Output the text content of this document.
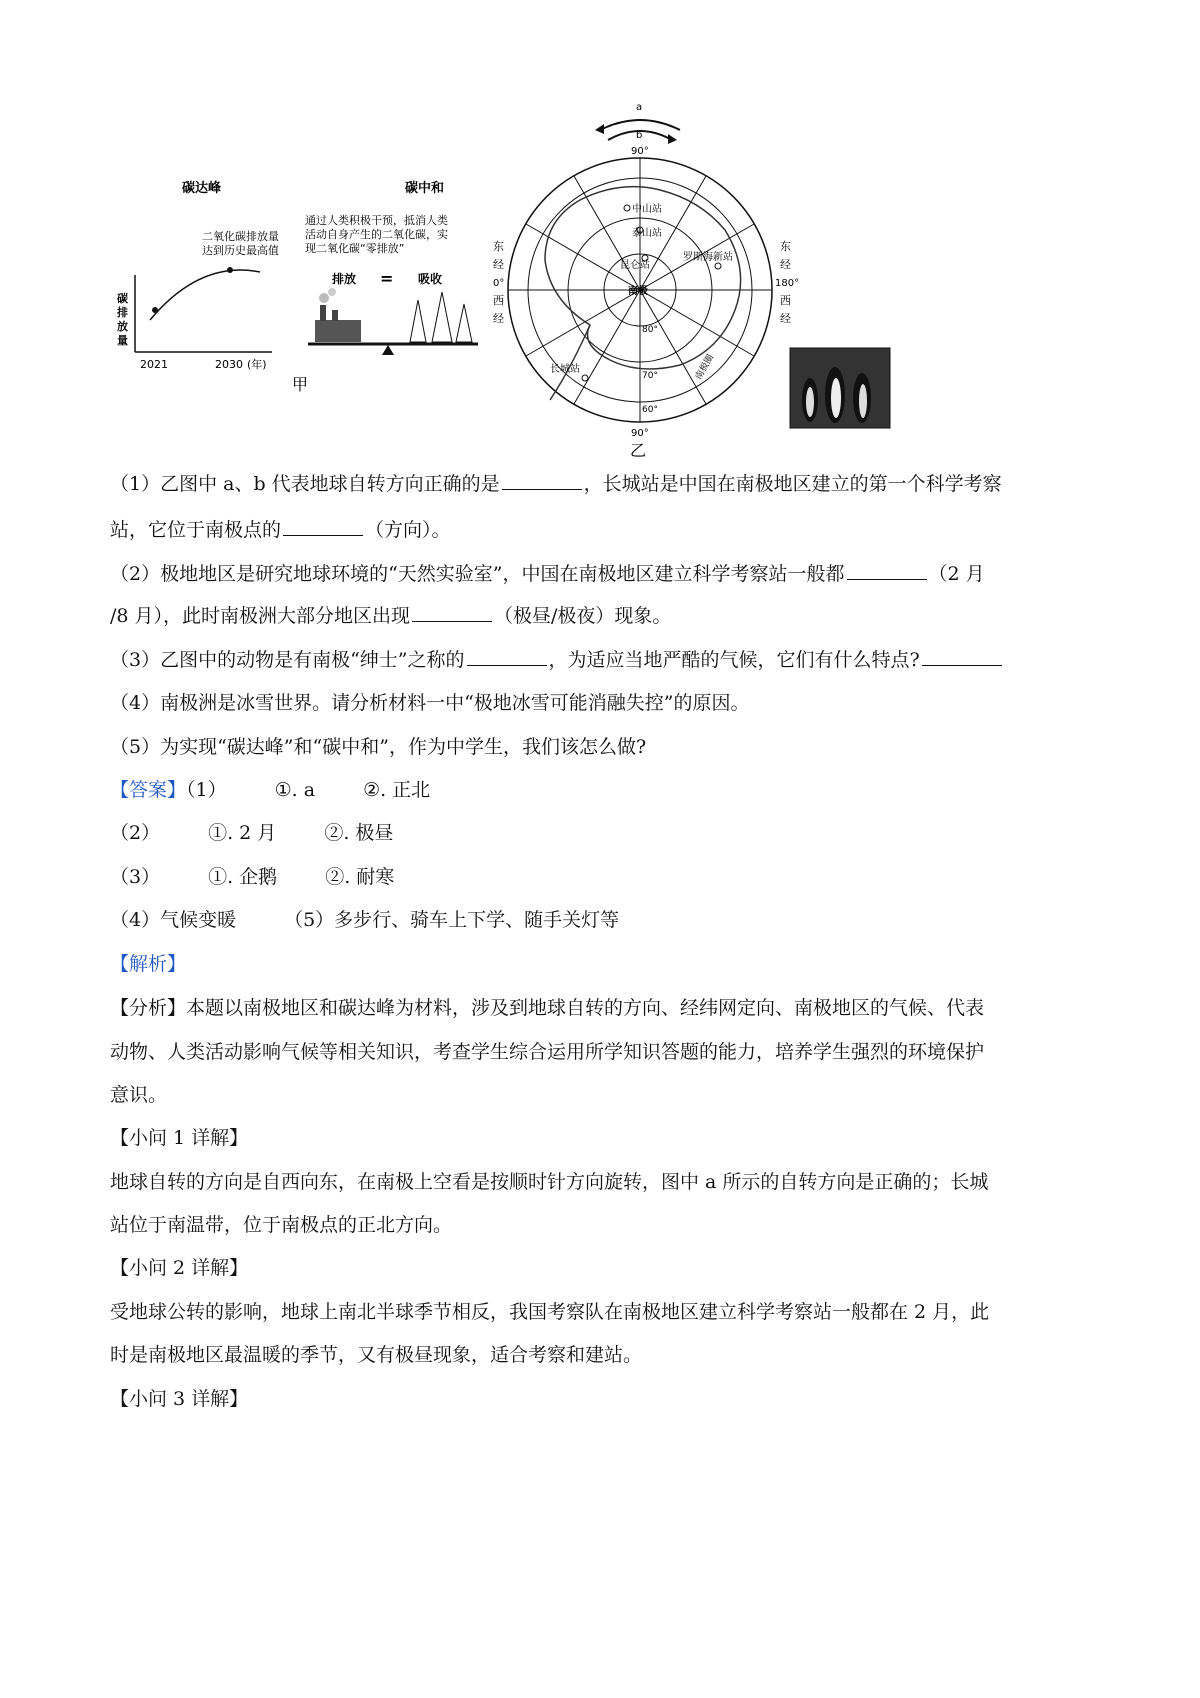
碳达峰	碳中和
二氧化碳排放量
达到历史最高值
碳
排
放
量
2021	2030 (年)
通过人类积极干预，抵消人类
活动自身产生的二氧化碳，实
现二氧化碳“零排放”
排放 = 吸收
甲
a
b
90°
中山站
泰山站
昆仑站
罗斯海新站
长城站
南极
80°
70°
60°
南极圈
东
经
0°
西
经
东
经
180°
西
经
90°
乙
（1）乙图中 a、b 代表地球自转方向正确的是	，长城站是中国在南极地区建立的第一个科学考察
站，它位于南极点的	（方向）。
（2）极地地区是研究地球环境的“天然实验室”，中国在南极地区建立科学考察站一般都	（2 月
/8 月），此时南极洲大部分地区出现	（极昼/极夜）现象。
（3）乙图中的动物是有南极“绅士”之称的	，为适应当地严酷的气候，它们有什么特点?
（4）南极洲是冰雪世界。请分析材料一中“极地冰雪可能消融失控”的原因。
（5）为实现“碳达峰”和“碳中和”，作为中学生，我们该怎么做?
【答案】（1）	①. a	②. 正北
（2）	①. 2 月	②. 极昼
（3）	①. 企鹅	②. 耐寒
（4）气候变暖	（5）多步行、骑车上下学、随手关灯等
【解析】
【分析】本题以南极地区和碳达峰为材料，涉及到地球自转的方向、经纬网定向、南极地区的气候、代表
动物、人类活动影响气候等相关知识，考查学生综合运用所学知识答题的能力，培养学生强烈的环境保护
意识。
【小问 1 详解】
地球自转的方向是自西向东，在南极上空看是按顺时针方向旋转，图中 a 所示的自转方向是正确的；长城
站位于南温带，位于南极点的正北方向。
【小问 2 详解】
受地球公转的影响，地球上南北半球季节相反，我国考察队在南极地区建立科学考察站一般都在 2 月，此
时是南极地区最温暖的季节，又有极昼现象，适合考察和建站。
【小问 3 详解】
